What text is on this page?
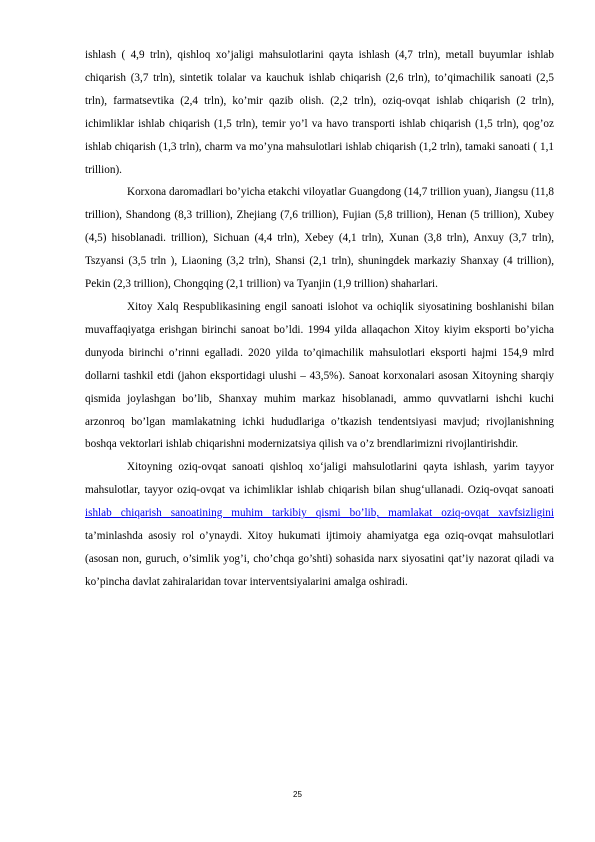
ishlash ( 4,9 trln), qishloq xo’jaligi mahsulotlarini qayta ishlash (4,7 trln), metall buyumlar ishlab chiqarish (3,7 trln), sintetik tolalar va kauchuk ishlab chiqarish (2,6 trln), to’qimachilik sanoati (2,5 trln), farmatsevtika (2,4 trln), ko’mir qazib olish. (2,2 trln), oziq-ovqat ishlab chiqarish (2 trln), ichimliklar ishlab chiqarish (1,5 trln), temir yo’l va havo transporti ishlab chiqarish (1,5 trln), qog’oz ishlab chiqarish (1,3 trln), charm va mo’yna mahsulotlari ishlab chiqarish (1,2 trln), tamaki sanoati ( 1,1 trillion).

Korxona daromadlari bo’yicha etakchi viloyatlar Guangdong (14,7 trillion yuan), Jiangsu (11,8 trillion), Shandong (8,3 trillion), Zhejiang (7,6 trillion), Fujian (5,8 trillion), Henan (5 trillion), Xubey (4,5) hisoblanadi. trillion), Sichuan (4,4 trln), Xebey (4,1 trln), Xunan (3,8 trln), Anxuy (3,7 trln), Tszyansi (3,5 trln ), Liaoning (3,2 trln), Shansi (2,1 trln), shuningdek markaziy Shanxay (4 trillion), Pekin (2,3 trillion), Chongqing (2,1 trillion) va Tyanjin (1,9 trillion) shaharlari.

Xitoy Xalq Respublikasining engil sanoati islohot va ochiqlik siyosatining boshlanishi bilan muvaffaqiyatga erishgan birinchi sanoat bo’ldi. 1994 yilda allaqachon Xitoy kiyim eksporti bo’yicha dunyoda birinchi o’rinni egalladi. 2020 yilda to’qimachilik mahsulotlari eksporti hajmi 154,9 mlrd dollarni tashkil etdi (jahon eksportidagi ulushi – 43,5%). Sanoat korxonalari asosan Xitoyning sharqiy qismida joylashgan bo’lib, Shanxay muhim markaz hisoblanadi, ammo quvvatlarni ishchi kuchi arzonroq bo’lgan mamlakatning ichki hududlariga o’tkazish tendentsiyasi mavjud; rivojlanishning boshqa vektorlari ishlab chiqarishni modernizatsiya qilish va o’z brendlarimizni rivojlantirishdir.

Xitoyning oziq-ovqat sanoati qishloq xo‘jaligi mahsulotlarini qayta ishlash, yarim tayyor mahsulotlar, tayyor oziq-ovqat va ichimliklar ishlab chiqarish bilan shug‘ullanadi. Oziq-ovqat sanoati ishlab chiqarish sanoatining muhim tarkibiy qismi bo’lib, mamlakat oziq-ovqat xavfsizligini ta’minlashda asosiy rol o’ynaydi. Xitoy hukumati ijtimoiy ahamiyatga ega oziq-ovqat mahsulotlari (asosan non, guruch, o’simlik yog’i, cho’chqa go’shti) sohasida narx siyosatini qat’iy nazorat qiladi va ko’pincha davlat zahiralaridan tovar interventsiyalarini amalga oshiradi.

25
